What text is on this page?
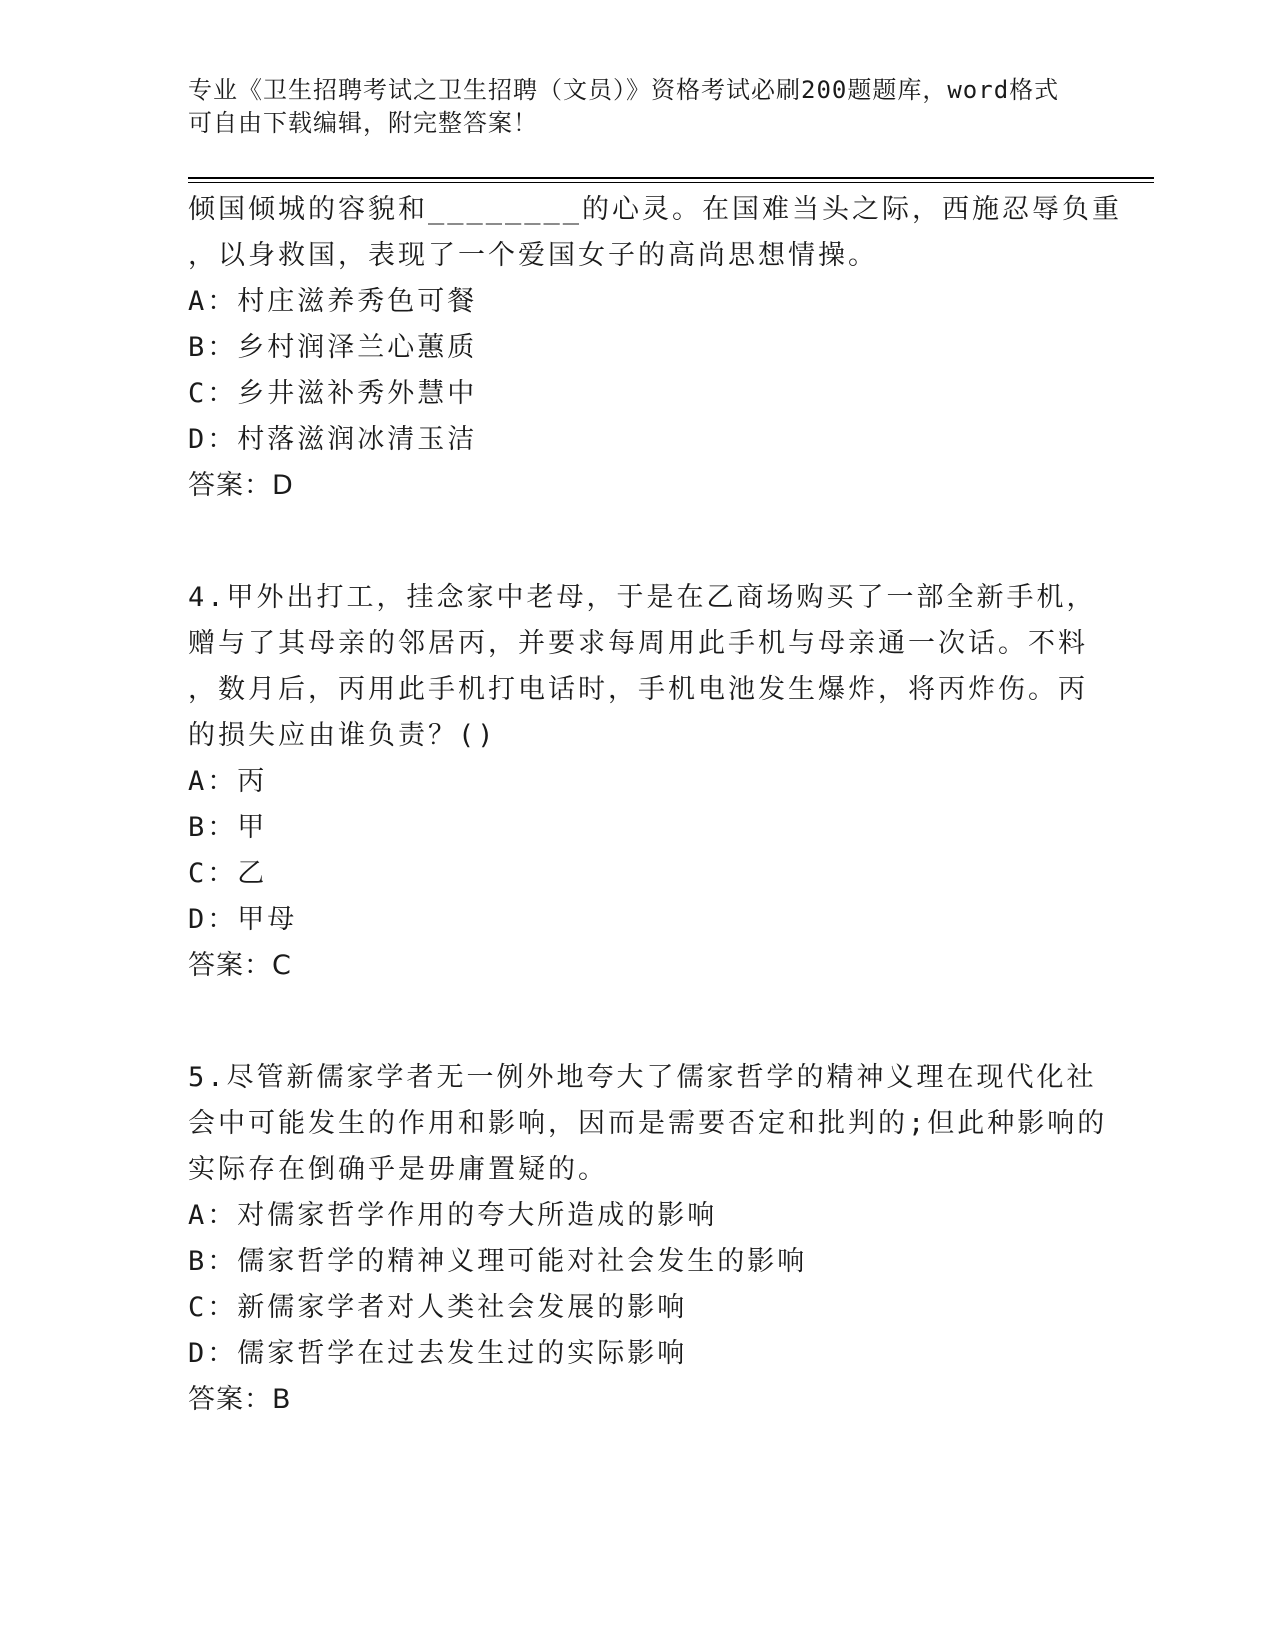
专业《卫生招聘考试之卫生招聘（文员）》资格考试必刷200题题库，word格式
可自由下载编辑，附完整答案！
倾国倾城的容貌和________的心灵。在国难当头之际，西施忍辱负重
，以身救国，表现了一个爱国女子的高尚思想情操。
A：村庄滋养秀色可餐
B：乡村润泽兰心蕙质
C：乡井滋补秀外慧中
D：村落滋润冰清玉洁
答案：D
4.甲外出打工，挂念家中老母，于是在乙商场购买了一部全新手机，
赠与了其母亲的邻居丙，并要求每周用此手机与母亲通一次话。不料
，数月后，丙用此手机打电话时，手机电池发生爆炸，将丙炸伤。丙
的损失应由谁负责？()
A：丙
B：甲
C：乙
D：甲母
答案：C
5.尽管新儒家学者无一例外地夸大了儒家哲学的精神义理在现代化社
会中可能发生的作用和影响，因而是需要否定和批判的;但此种影响的
实际存在倒确乎是毋庸置疑的。
A：对儒家哲学作用的夸大所造成的影响
B：儒家哲学的精神义理可能对社会发生的影响
C：新儒家学者对人类社会发展的影响
D：儒家哲学在过去发生过的实际影响
答案：B
